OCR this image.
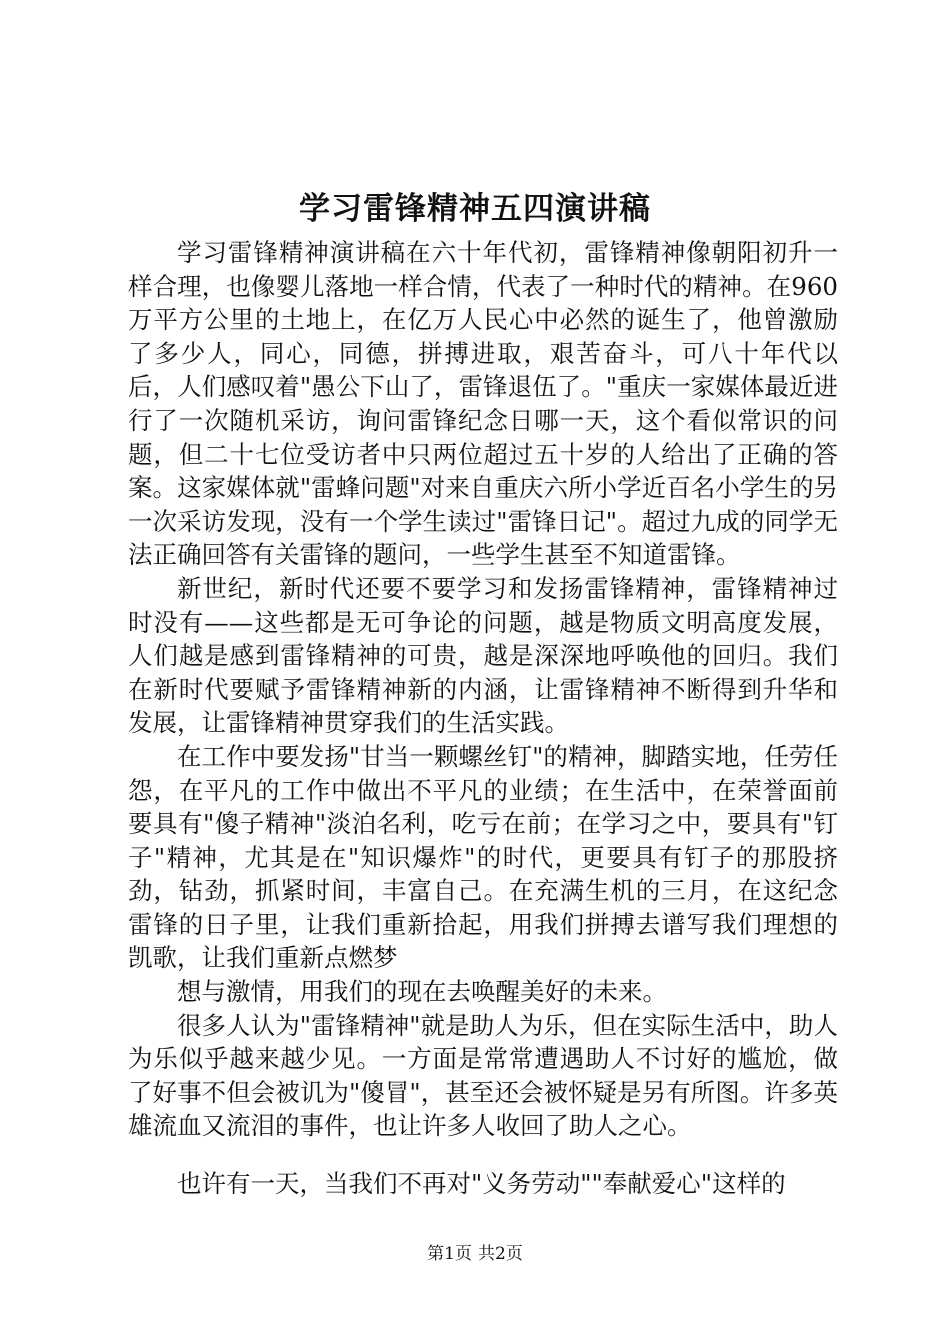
学习雷锋精神五四演讲稿

学习雷锋精神演讲稿在六十年代初，雷锋精神像朝阳初升一样合理，也像婴儿落地一样合情，代表了一种时代的精神。在960万平方公里的土地上，在亿万人民心中必然的诞生了，他曾激励了多少人，同心，同德，拼搏进取，艰苦奋斗，可八十年代以后，人们感叹着"愚公下山了，雷锋退伍了。"重庆一家媒体最近进行了一次随机采访，询问雷锋纪念日哪一天，这个看似常识的问题，但二十七位受访者中只两位超过五十岁的人给出了正确的答案。这家媒体就"雷蜂问题"对来自重庆六所小学近百名小学生的另一次采访发现，没有一个学生读过"雷锋日记"。超过九成的同学无法正确回答有关雷锋的题问，一些学生甚至不知道雷锋。

新世纪，新时代还要不要学习和发扬雷锋精神，雷锋精神过时没有——这些都是无可争论的问题，越是物质文明高度发展，人们越是感到雷锋精神的可贵，越是深深地呼唤他的回归。我们在新时代要赋予雷锋精神新的内涵，让雷锋精神不断得到升华和发展，让雷锋精神贯穿我们的生活实践。

在工作中要发扬"甘当一颗螺丝钉"的精神，脚踏实地，任劳任怨，在平凡的工作中做出不平凡的业绩；在生活中，在荣誉面前要具有"傻子精神"淡泊名利，吃亏在前；在学习之中，要具有"钉子"精神，尤其是在"知识爆炸"的时代，更要具有钉子的那股挤劲，钻劲，抓紧时间，丰富自己。在充满生机的三月，在这纪念雷锋的日子里，让我们重新拾起，用我们拼搏去谱写我们理想的凯歌，让我们重新点燃梦

想与激情，用我们的现在去唤醒美好的未来。

很多人认为"雷锋精神"就是助人为乐，但在实际生活中，助人为乐似乎越来越少见。一方面是常常遭遇助人不讨好的尴尬，做了好事不但会被讥为"傻冒"，甚至还会被怀疑是另有所图。许多英雄流血又流泪的事件，也让许多人收回了助人之心。

也许有一天，当我们不再对"义务劳动""奉献爱心"这样的

第1页 共2页
